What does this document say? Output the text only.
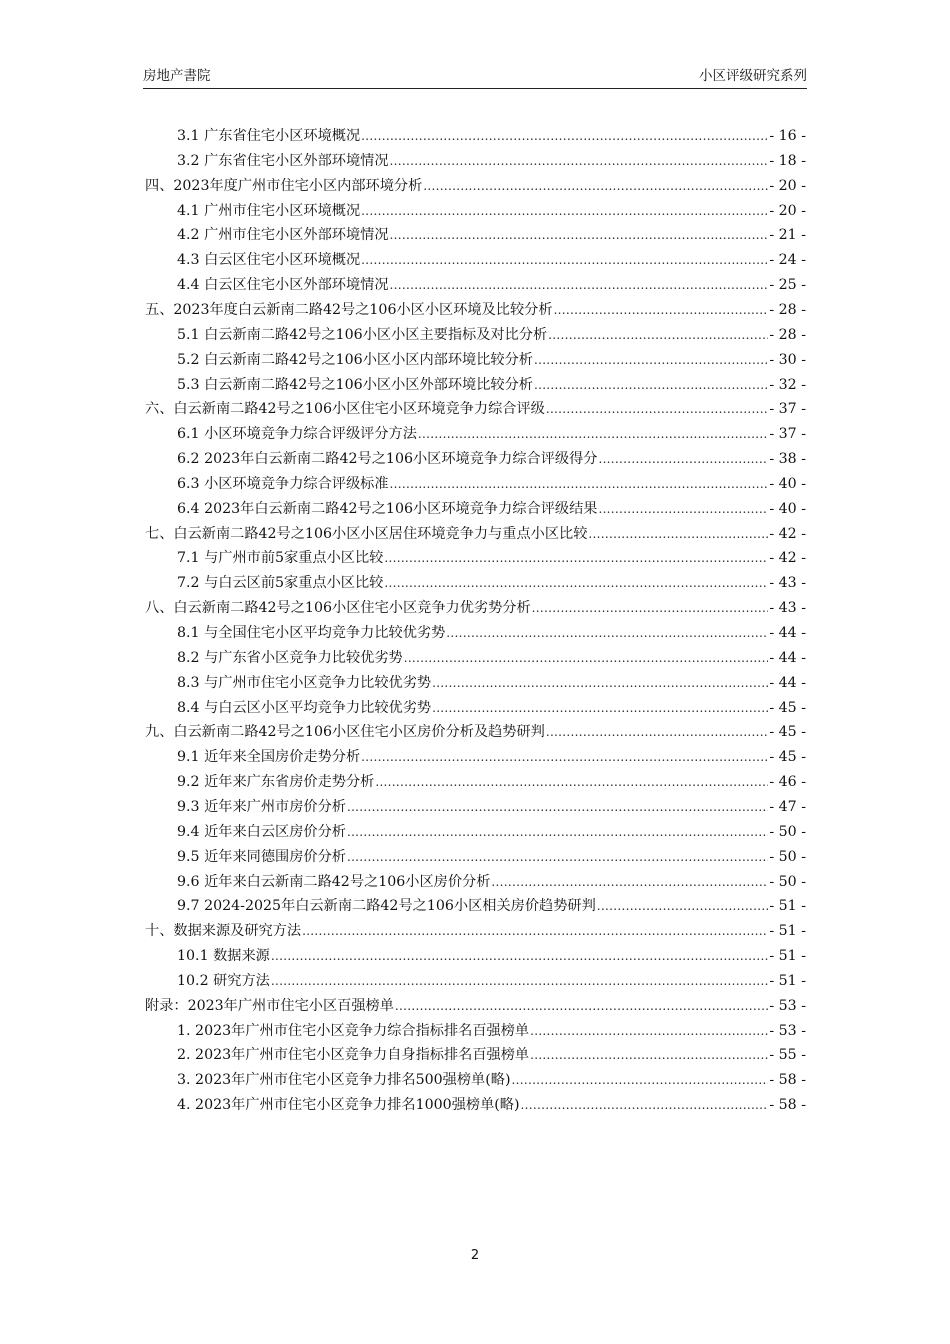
房地产書院	小区评级研究系列
3.1 广东省住宅小区环境概况 .....	- 16 -
3.2 广东省住宅小区外部环境情况 .....	- 18 -
四、2023年度广州市住宅小区内部环境分析 .....	- 20 -
4.1 广州市住宅小区环境概况 .....	- 20 -
4.2 广州市住宅小区外部环境情况 .....	- 21 -
4.3 白云区住宅小区环境概况 .....	- 24 -
4.4 白云区住宅小区外部环境情况 .....	- 25 -
五、2023年度白云新南二路42号之106小区小区环境及比较分析 .....	- 28 -
5.1 白云新南二路42号之106小区小区主要指标及对比分析 .....	- 28 -
5.2 白云新南二路42号之106小区小区内部环境比较分析 .....	- 30 -
5.3 白云新南二路42号之106小区小区外部环境比较分析 .....	- 32 -
六、白云新南二路42号之106小区住宅小区环境竞争力综合评级 .....	- 37 -
6.1 小区环境竞争力综合评级评分方法 .....	- 37 -
6.2 2023年白云新南二路42号之106小区环境竞争力综合评级得分 .....	- 38 -
6.3 小区环境竞争力综合评级标准 .....	- 40 -
6.4 2023年白云新南二路42号之106小区环境竞争力综合评级结果 .....	- 40 -
七、白云新南二路42号之106小区小区居住环境竞争力与重点小区比较 .....	- 42 -
7.1 与广州市前5家重点小区比较 .....	- 42 -
7.2 与白云区前5家重点小区比较 .....	- 43 -
八、白云新南二路42号之106小区住宅小区竞争力优劣势分析 .....	- 43 -
8.1 与全国住宅小区平均竞争力比较优劣势 .....	- 44 -
8.2 与广东省小区竞争力比较优劣势 .....	- 44 -
8.3 与广州市住宅小区竞争力比较优劣势 .....	- 44 -
8.4 与白云区小区平均竞争力比较优劣势 .....	- 45 -
九、白云新南二路42号之106小区住宅小区房价分析及趋势研判 .....	- 45 -
9.1 近年来全国房价走势分析 .....	- 45 -
9.2 近年来广东省房价走势分析 .....	- 46 -
9.3 近年来广州市房价分析 .....	- 47 -
9.4 近年来白云区房价分析 .....	- 50 -
9.5 近年来同德围房价分析 .....	- 50 -
9.6 近年来白云新南二路42号之106小区房价分析 .....	- 50 -
9.7 2024-2025年白云新南二路42号之106小区相关房价趋势研判 .....	- 51 -
十、数据来源及研究方法 .....	- 51 -
10.1 数据来源 .....	- 51 -
10.2 研究方法 .....	- 51 -
附录：2023年广州市住宅小区百强榜单 .....	- 53 -
1. 2023年广州市住宅小区竞争力综合指标排名百强榜单 .....	- 53 -
2. 2023年广州市住宅小区竞争力自身指标排名百强榜单 .....	- 55 -
3. 2023年广州市住宅小区竞争力排名500强榜单(略) .....	- 58 -
4. 2023年广州市住宅小区竞争力排名1000强榜单(略) .....	- 58 -
2
